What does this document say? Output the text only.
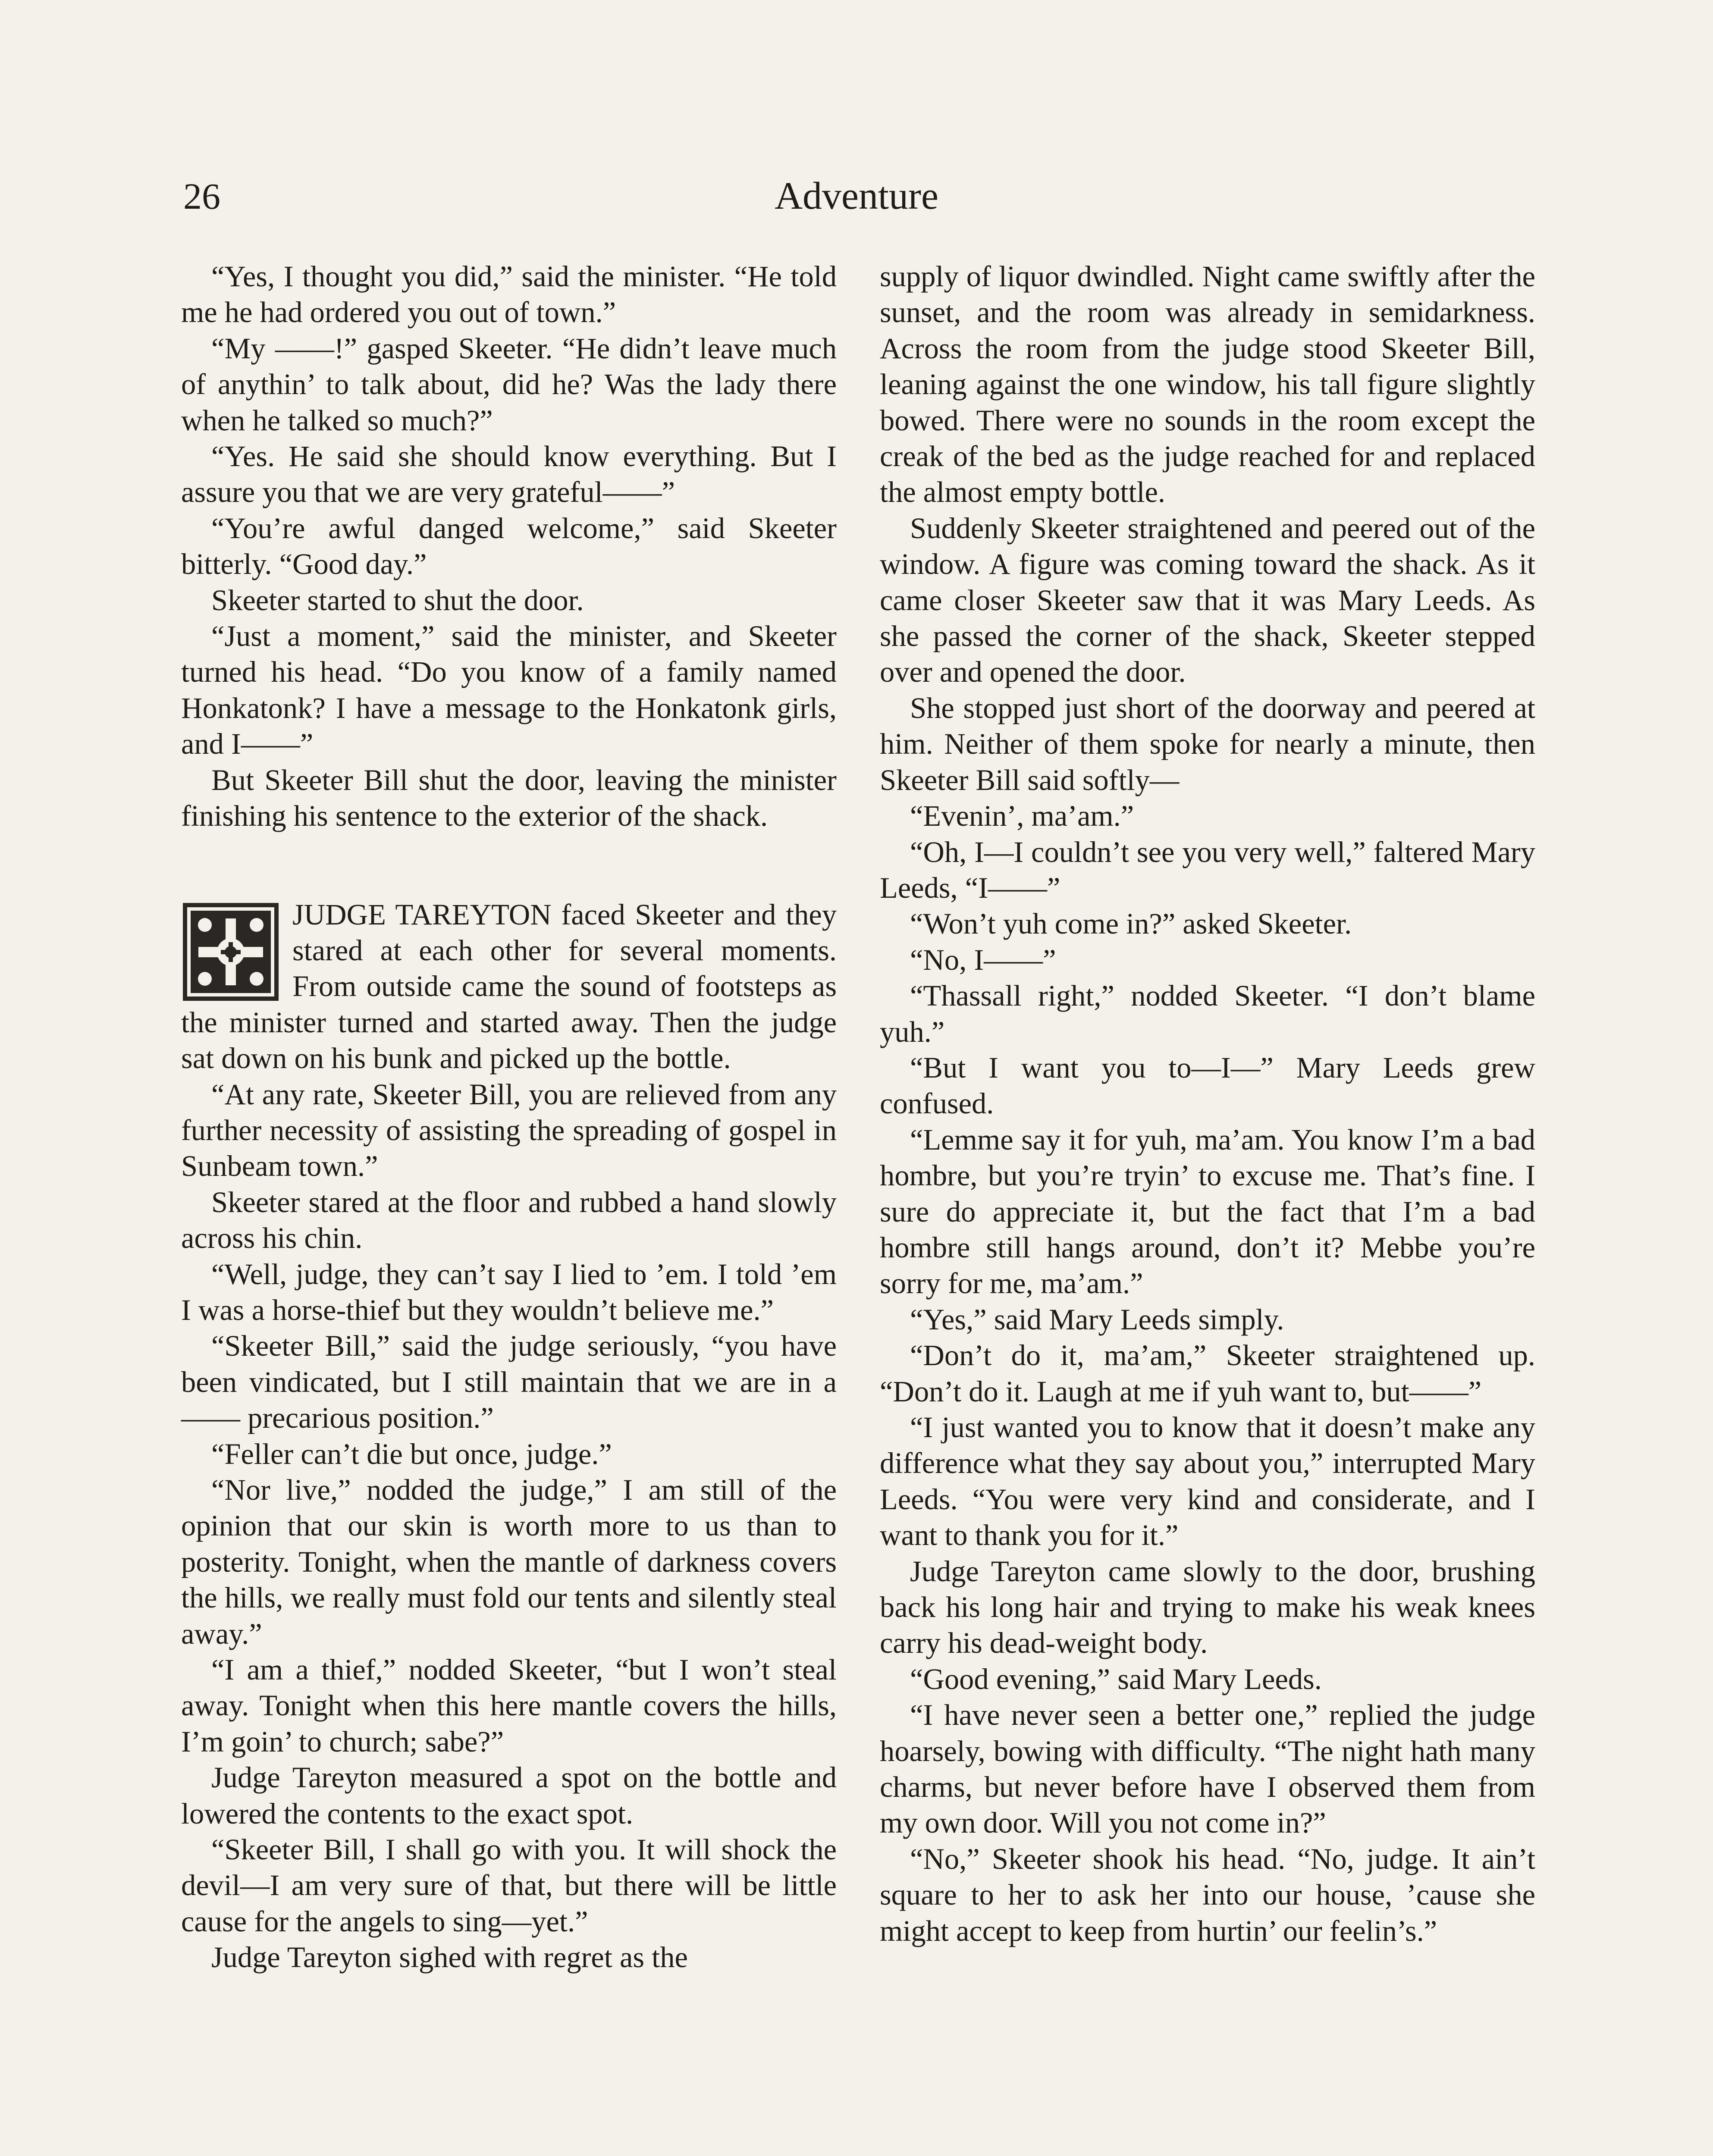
26	Adventure

“Yes, I thought you did,” said the minister. “He told me he had ordered you out of town.”

“My ——!” gasped Skeeter. “He didn’t leave much of anythin’ to talk about, did he? Was the lady there when he talked so much?”

“Yes. He said she should know everything. But I assure you that we are very grateful——”

“You’re awful danged welcome,” said Skeeter bitterly. “Good day.”

Skeeter started to shut the door.

“Just a moment,” said the minister, and Skeeter turned his head. “Do you know of a family named Honkatonk? I have a message to the Honkatonk girls, and I——”

But Skeeter Bill shut the door, leaving the minister finishing his sentence to the exterior of the shack.

JUDGE TAREYTON faced Skeeter and they stared at each other for several moments. From outside came the sound of footsteps as the minister turned and started away. Then the judge sat down on his bunk and picked up the bottle.

“At any rate, Skeeter Bill, you are relieved from any further necessity of assisting the spreading of gospel in Sunbeam town.”

Skeeter stared at the floor and rubbed a hand slowly across his chin.

“Well, judge, they can’t say I lied to ’em. I told ’em I was a horse-thief but they wouldn’t believe me.”

“Skeeter Bill,” said the judge seriously, “you have been vindicated, but I still maintain that we are in a —— precarious position.”

“Feller can’t die but once, judge.”

“Nor live,” nodded the judge,” I am still of the opinion that our skin is worth more to us than to posterity. Tonight, when the mantle of darkness covers the hills, we really must fold our tents and silently steal away.”

“I am a thief,” nodded Skeeter, “but I won’t steal away. Tonight when this here mantle covers the hills, I’m goin’ to church; sabe?”

Judge Tareyton measured a spot on the bottle and lowered the contents to the exact spot.

“Skeeter Bill, I shall go with you. It will shock the devil—I am very sure of that, but there will be little cause for the angels to sing—yet.”

Judge Tareyton sighed with regret as the

supply of liquor dwindled. Night came swiftly after the sunset, and the room was already in semidarkness. Across the room from the judge stood Skeeter Bill, leaning against the one window, his tall figure slightly bowed. There were no sounds in the room except the creak of the bed as the judge reached for and replaced the almost empty bottle.

Suddenly Skeeter straightened and peered out of the window. A figure was coming toward the shack. As it came closer Skeeter saw that it was Mary Leeds. As she passed the corner of the shack, Skeeter stepped over and opened the door.

She stopped just short of the doorway and peered at him. Neither of them spoke for nearly a minute, then Skeeter Bill said softly—

“Evenin’, ma’am.”

“Oh, I—I couldn’t see you very well,” faltered Mary Leeds, “I——”

“Won’t yuh come in?” asked Skeeter.

“No, I——”

“Thassall right,” nodded Skeeter. “I don’t blame yuh.”

“But I want you to—I—” Mary Leeds grew confused.

“Lemme say it for yuh, ma’am. You know I’m a bad hombre, but you’re tryin’ to excuse me. That’s fine. I sure do appreciate it, but the fact that I’m a bad hombre still hangs around, don’t it? Mebbe you’re sorry for me, ma’am.”

“Yes,” said Mary Leeds simply.

“Don’t do it, ma’am,” Skeeter straightened up. “Don’t do it. Laugh at me if yuh want to, but——”

“I just wanted you to know that it doesn’t make any difference what they say about you,” interrupted Mary Leeds. “You were very kind and considerate, and I want to thank you for it.”

Judge Tareyton came slowly to the door, brushing back his long hair and trying to make his weak knees carry his dead-weight body.

“Good evening,” said Mary Leeds.

“I have never seen a better one,” replied the judge hoarsely, bowing with difficulty. “The night hath many charms, but never before have I observed them from my own door. Will you not come in?”

“No,” Skeeter shook his head. “No, judge. It ain’t square to her to ask her into our house, ’cause she might accept to keep from hurtin’ our feelin’s.”
